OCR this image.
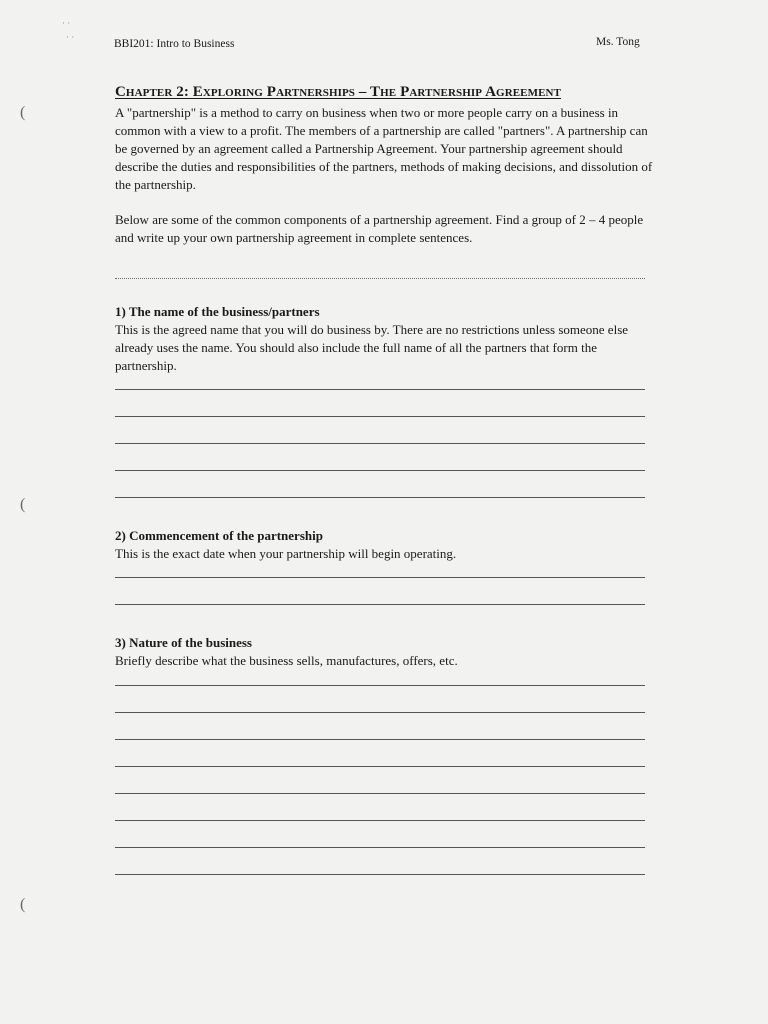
· ·
· ·
(
(
(
BBI201: Intro to Business	Ms. Tong
Chapter 2: Exploring Partnerships – The Partnership Agreement
A "partnership" is a method to carry on business when two or more people carry on a business in common with a view to a profit. The members of a partnership are called "partners". A partnership can be governed by an agreement called a Partnership Agreement. Your partnership agreement should describe the duties and responsibilities of the partners, methods of making decisions, and dissolution of the partnership.
Below are some of the common components of a partnership agreement. Find a group of 2 – 4 people and write up your own partnership agreement in complete sentences.
1) The name of the business/partners
This is the agreed name that you will do business by. There are no restrictions unless someone else already uses the name. You should also include the full name of all the partners that form the partnership.
2) Commencement of the partnership
This is the exact date when your partnership will begin operating.
3) Nature of the business
Briefly describe what the business sells, manufactures, offers, etc.
